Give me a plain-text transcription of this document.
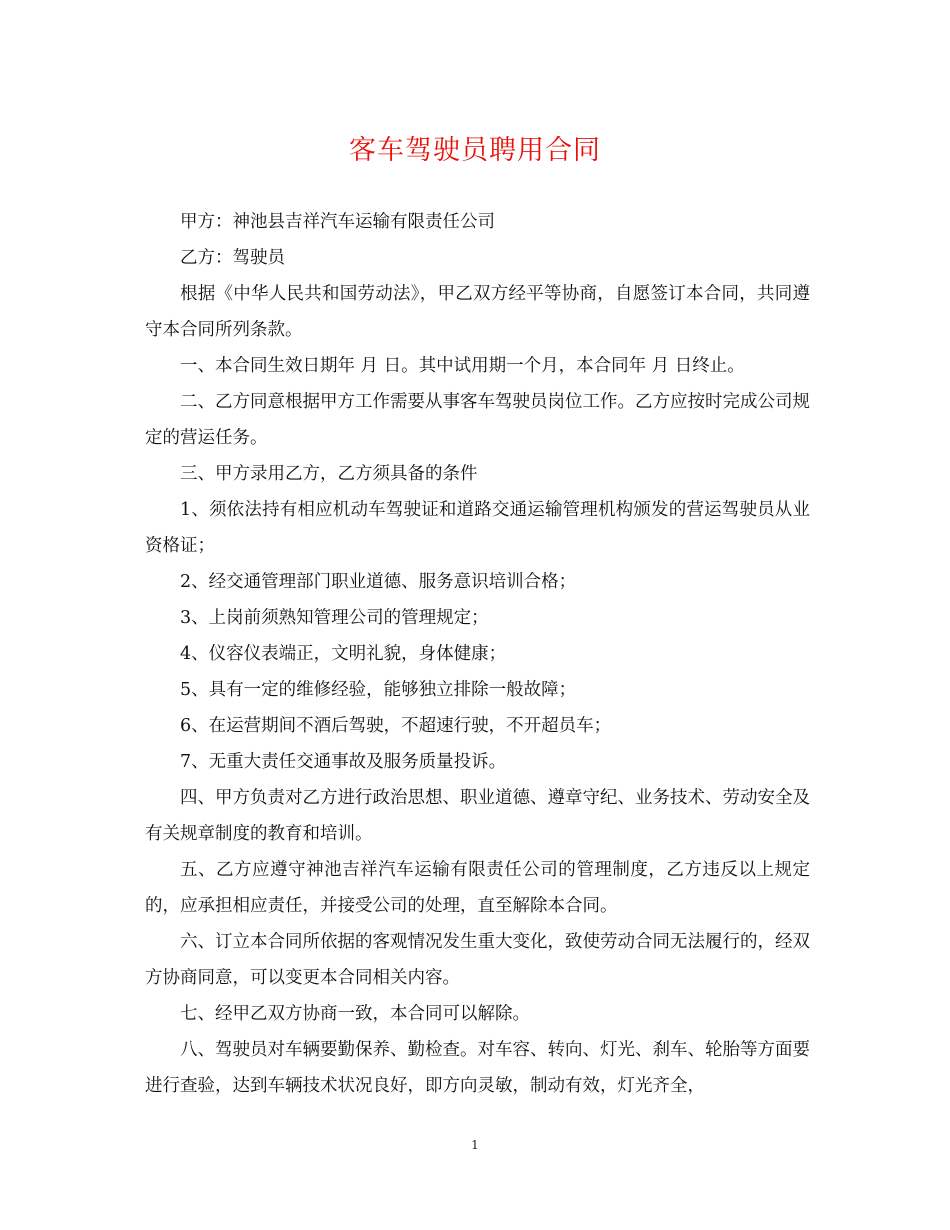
客车驾驶员聘用合同

甲方：神池县吉祥汽车运输有限责任公司

乙方：驾驶员

根据《中华人民共和国劳动法》，甲乙双方经平等协商，自愿签订本合同，共同遵守本合同所列条款。

一、本合同生效日期年 月 日。其中试用期一个月，本合同年 月 日终止。

二、乙方同意根据甲方工作需要从事客车驾驶员岗位工作。乙方应按时完成公司规定的营运任务。

三、甲方录用乙方，乙方须具备的条件

1、须依法持有相应机动车驾驶证和道路交通运输管理机构颁发的营运驾驶员从业资格证；

2、经交通管理部门职业道德、服务意识培训合格；

3、上岗前须熟知管理公司的管理规定；

4、仪容仪表端正，文明礼貌，身体健康；

5、具有一定的维修经验，能够独立排除一般故障；

6、在运营期间不酒后驾驶，不超速行驶，不开超员车；

7、无重大责任交通事故及服务质量投诉。

四、甲方负责对乙方进行政治思想、职业道德、遵章守纪、业务技术、劳动安全及有关规章制度的教育和培训。

五、乙方应遵守神池吉祥汽车运输有限责任公司的管理制度，乙方违反以上规定的，应承担相应责任，并接受公司的处理，直至解除本合同。

六、订立本合同所依据的客观情况发生重大变化，致使劳动合同无法履行的，经双方协商同意，可以变更本合同相关内容。

七、经甲乙双方协商一致，本合同可以解除。

八、驾驶员对车辆要勤保养、勤检查。对车容、转向、灯光、刹车、轮胎等方面要进行查验，达到车辆技术状况良好，即方向灵敏，制动有效，灯光齐全，

1
